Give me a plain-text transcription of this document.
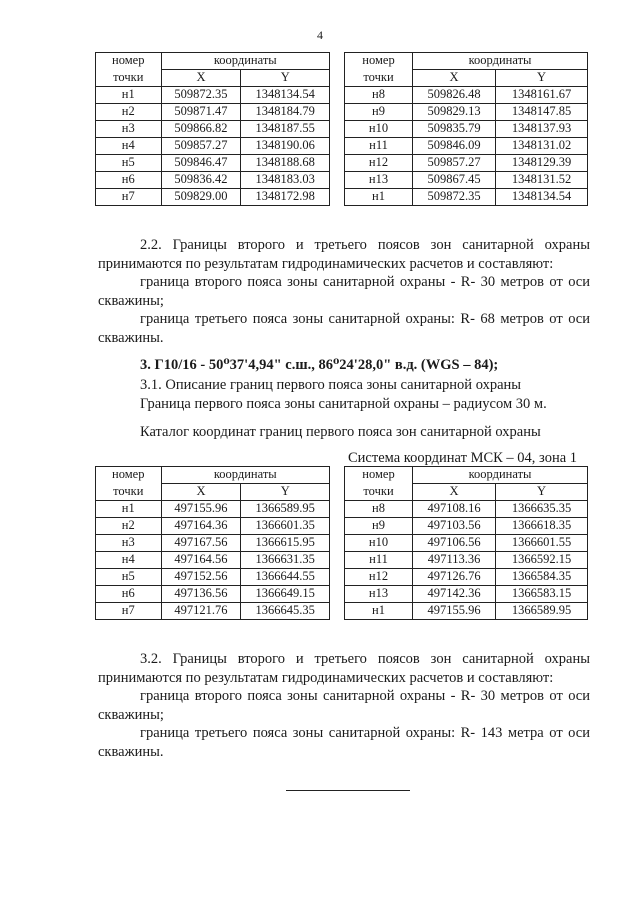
4
номер	координаты	
точки	X	Y
н1	509872.35	1348134.54
н2	509871.47	1348184.79
н3	509866.82	1348187.55
н4	509857.27	1348190.06
н5	509846.47	1348188.68
н6	509836.42	1348183.03
н7	509829.00	1348172.98
номер	координаты	
точки	X	Y
н8	509826.48	1348161.67
н9	509829.13	1348147.85
н10	509835.79	1348137.93
н11	509846.09	1348131.02
н12	509857.27	1348129.39
н13	509867.45	1348131.52
н1	509872.35	1348134.54
2.2. Границы второго и третьего поясов зон санитарной охраны принимаются по результатам гидродинамических расчетов и составляют:
граница второго пояса зоны санитарной охраны - R- 30 метров от оси скважины;
граница третьего пояса зоны санитарной охраны: R- 68 метров от оси скважины.
3. Г10/16 - 50⁰37'4,94" с.ш., 86⁰24'28,0" в.д. (WGS – 84);
3.1. Описание границ первого пояса зоны санитарной охраны
Граница первого пояса зоны санитарной охраны – радиусом 30 м.
Каталог координат границ первого пояса зон санитарной охраны
Система координат МСК – 04, зона 1
номер	координаты	
точки	X	Y
н1	497155.96	1366589.95
н2	497164.36	1366601.35
н3	497167.56	1366615.95
н4	497164.56	1366631.35
н5	497152.56	1366644.55
н6	497136.56	1366649.15
н7	497121.76	1366645.35
номер	координаты	
точки	X	Y
н8	497108.16	1366635.35
н9	497103.56	1366618.35
н10	497106.56	1366601.55
н11	497113.36	1366592.15
н12	497126.76	1366584.35
н13	497142.36	1366583.15
н1	497155.96	1366589.95
3.2. Границы второго и третьего поясов зон санитарной охраны принимаются по результатам гидродинамических расчетов и составляют:
граница второго пояса зоны санитарной охраны - R- 30 метров от оси скважины;
граница третьего пояса зоны санитарной охраны: R- 143 метра от оси скважины.
